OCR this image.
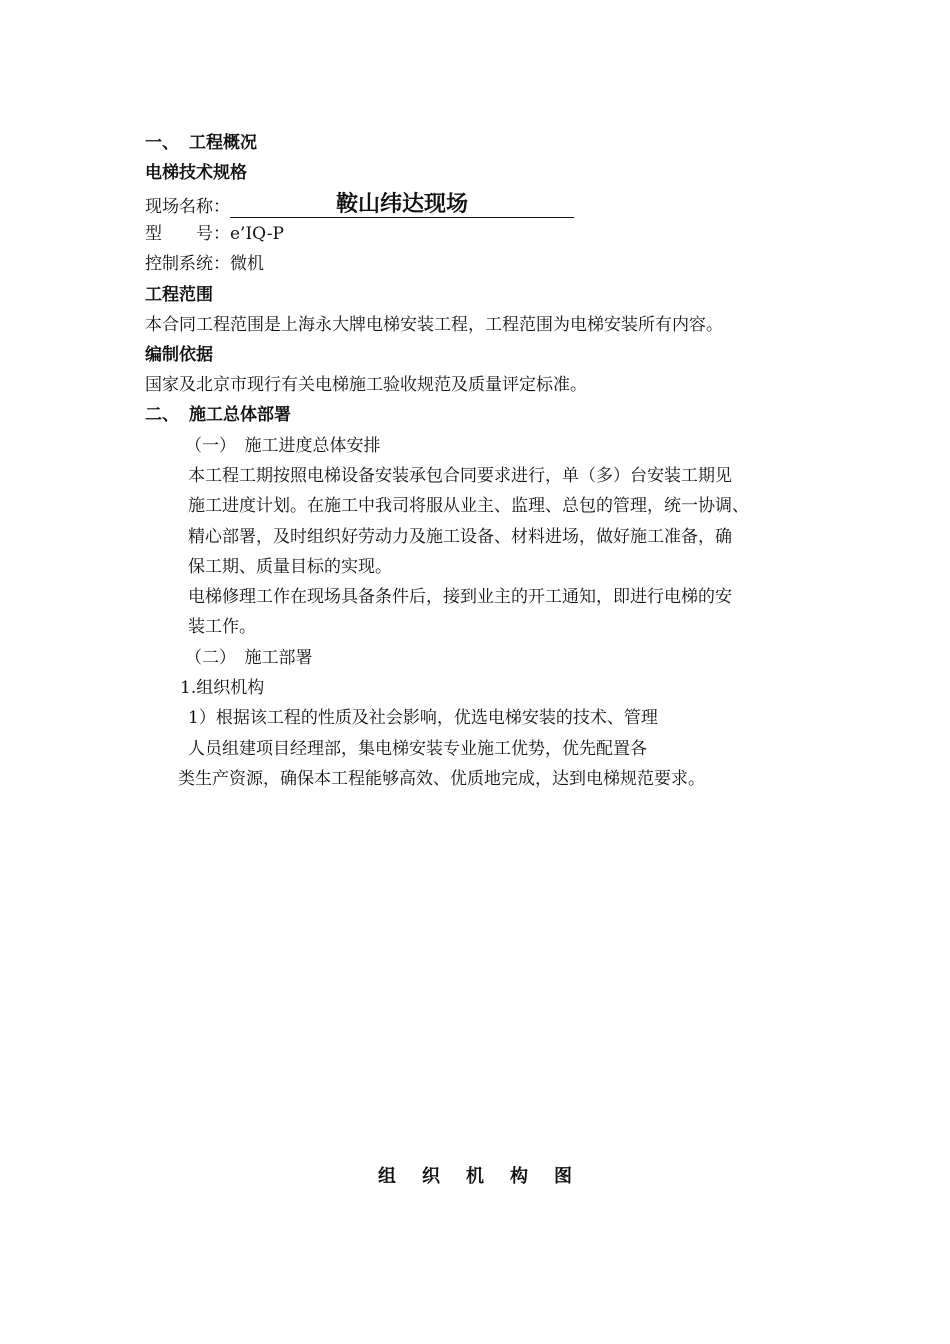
一、 工程概况
电梯技术规格
现场名称：	鞍山纬达现场
型　　号：e’IQ-P
控制系统：微机
工程范围
本合同工程范围是上海永大牌电梯安装工程，工程范围为电梯安装所有内容。
编制依据
国家及北京市现行有关电梯施工验收规范及质量评定标准。
二、 施工总体部署
（一）　施工进度总体安排
本工程工期按照电梯设备安装承包合同要求进行，单（多）台安装工期见
施工进度计划。在施工中我司将服从业主、监理、总包的管理，统一协调、
精心部署，及时组织好劳动力及施工设备、材料进场，做好施工准备，确
保工期、质量目标的实现。
电梯修理工作在现场具备条件后，接到业主的开工通知，即进行电梯的安
装工作。
（二）　施工部署
1.组织机构
1）根据该工程的性质及社会影响，优选电梯安装的技术、管理
人员组建项目经理部，集电梯安装专业施工优势，优先配置各
类生产资源，确保本工程能够高效、优质地完成，达到电梯规范要求。
组织机构图
